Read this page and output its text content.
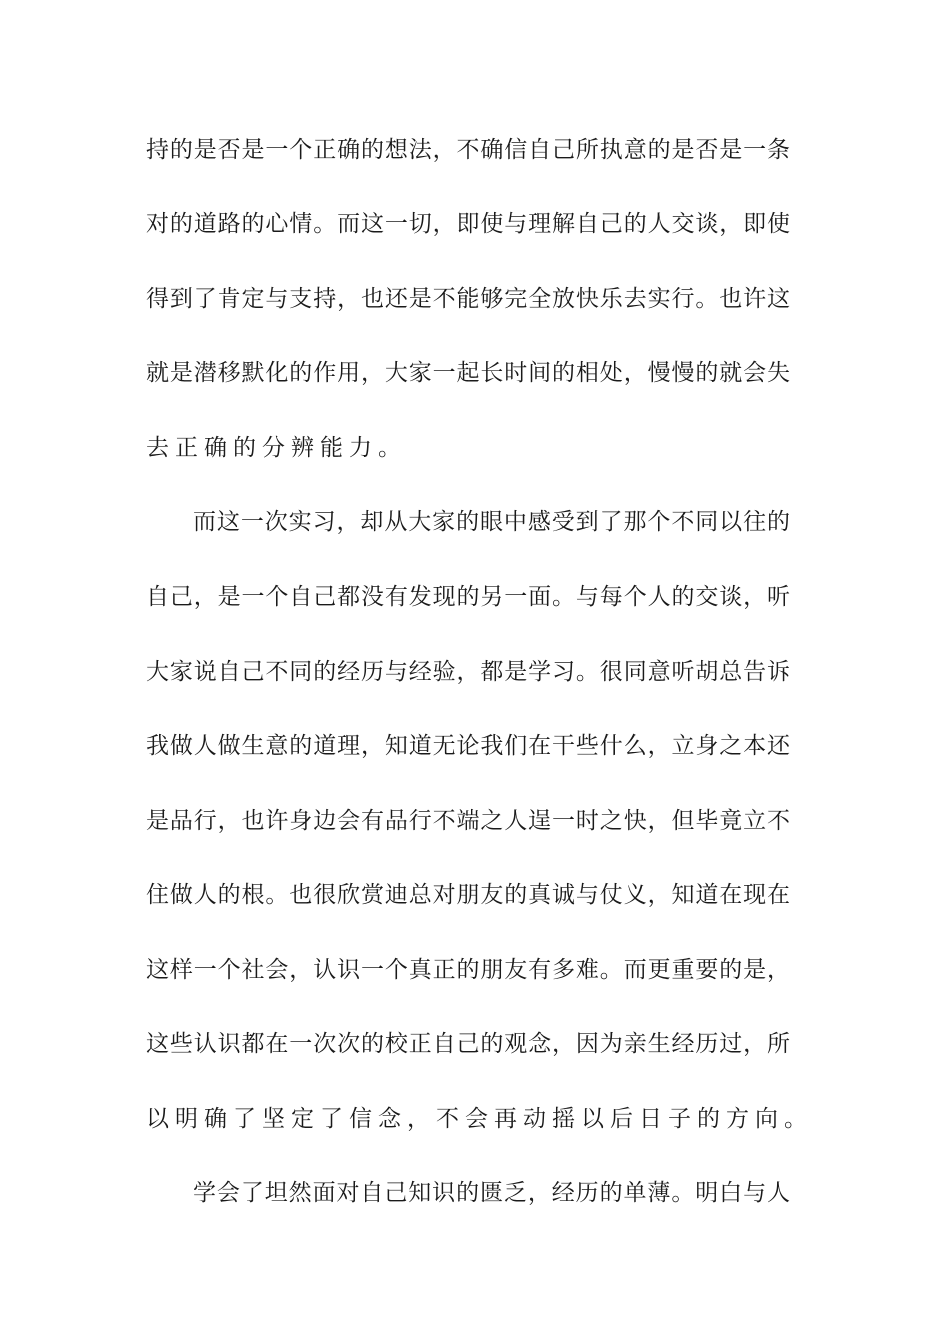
持的是否是一个正确的想法，不确信自己所执意的是否是一条
对的道路的心情。而这一切，即使与理解自己的人交谈，即使
得到了肯定与支持，也还是不能够完全放快乐去实行。也许这
就是潜移默化的作用，大家一起长时间的相处，慢慢的就会失
去正确的分辨能力。
而这一次实习，却从大家的眼中感受到了那个不同以往的
自己，是一个自己都没有发现的另一面。与每个人的交谈，听
大家说自己不同的经历与经验，都是学习。很同意听胡总告诉
我做人做生意的道理，知道无论我们在干些什么，立身之本还
是品行，也许身边会有品行不端之人逞一时之快，但毕竟立不
住做人的根。也很欣赏迪总对朋友的真诚与仗义，知道在现在
这样一个社会，认识一个真正的朋友有多难。而更重要的是，
这些认识都在一次次的校正自己的观念，因为亲生经历过，所
以明确了坚定了信念，不会再动摇以后日子的方向。
学会了坦然面对自己知识的匮乏，经历的单薄。明白与人
